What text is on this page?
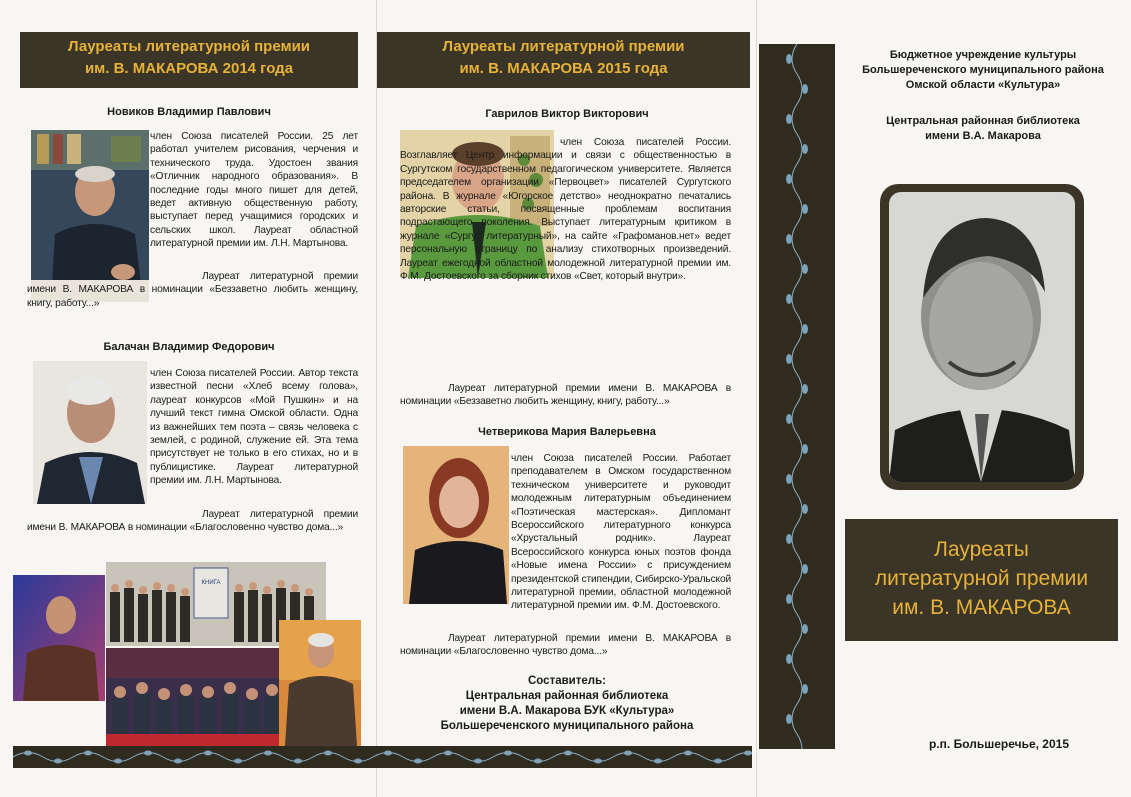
Лауреаты литературной премии
им. В. МАКАРОВА 2014 года
Новиков Владимир Павлович

член Союза писателей России. 25 лет работал учителем рисования, черчения и технического труда. Удостоен звания «Отличник народного образования». В последние годы много пишет для детей, ведет активную общественную работу, выступает перед учащимися городских и сельских школ. Лауреат областной литературной премии им. Л.Н. Мартынова.

Лауреат литературной премии имени В. МАКАРОВА в номинации «Беззаветно любить женщину, книгу, работу...»

Балачан Владимир Федорович

член Союза писателей России. Автор текста известной песни «Хлеб всему голова», лауреат конкурсов «Мой Пушкин» и на лучший текст гимна Омской области. Одна из важнейших тем поэта – связь человека с землей, с родиной, служение ей. Эта тема присутствует не только в его стихах, но и в публицистике. Лауреат литературной премии им. Л.Н. Мартынова.

Лауреат литературной премии имени В. МАКАРОВА в номинации «Благословенно чувство дома...»

КНИГА
Лауреаты литературной премии
им. В. МАКАРОВА 2015 года
Гаврилов Виктор Викторович

член Союза писателей России. Возглавляет Центр информации и связи с общественностью в Сургутском государственном педагогическом университете. Является председателем организации «Первоцвет» писателей Сургутского района. В журнале «Югорское детство» неоднократно печатались авторские статьи, посвященные проблемам воспитания подрастающего поколения. Выступает литературным критиком в журнале «Сургут литературный», на сайте «Графоманов.нет» ведет персональную страницу по анализу стихотворных произведений. Лауреат ежегодной областной молодежной литературной премии им. Ф.М. Достоевского за сборник стихов «Свет, который внутри».

Лауреат литературной премии имени В. МАКАРОВА в номинации «Беззаветно любить женщину, книгу, работу...»

Четверикова Мария Валерьевна

член Союза писателей России. Работает преподавателем в Омском государственном техническом университете и руководит молодежным литературным объединением «Поэтическая мастерская». Дипломант Всероссийского литературного конкурса «Хрустальный родник». Лауреат Всероссийского конкурса юных поэтов фонда «Новые имена России» с присуждением президентской стипендии, Сибирско-Уральской литературной премии, областной молодежной литературной премии им. Ф.М. Достоевского.

Лауреат литературной премии имени В. МАКАРОВА в номинации «Благословенно чувство дома...»

Составитель:
Центральная районная библиотека
имени В.А. Макарова БУК «Культура»
Большереченского муниципального района
Бюджетное учреждение культуры
Большереченского муниципального района
Омской области «Культура»
Центральная районная библиотека
имени В.А. Макарова
Лауреаты
литературной премии
им. В. МАКАРОВА
р.п. Большеречье, 2015
